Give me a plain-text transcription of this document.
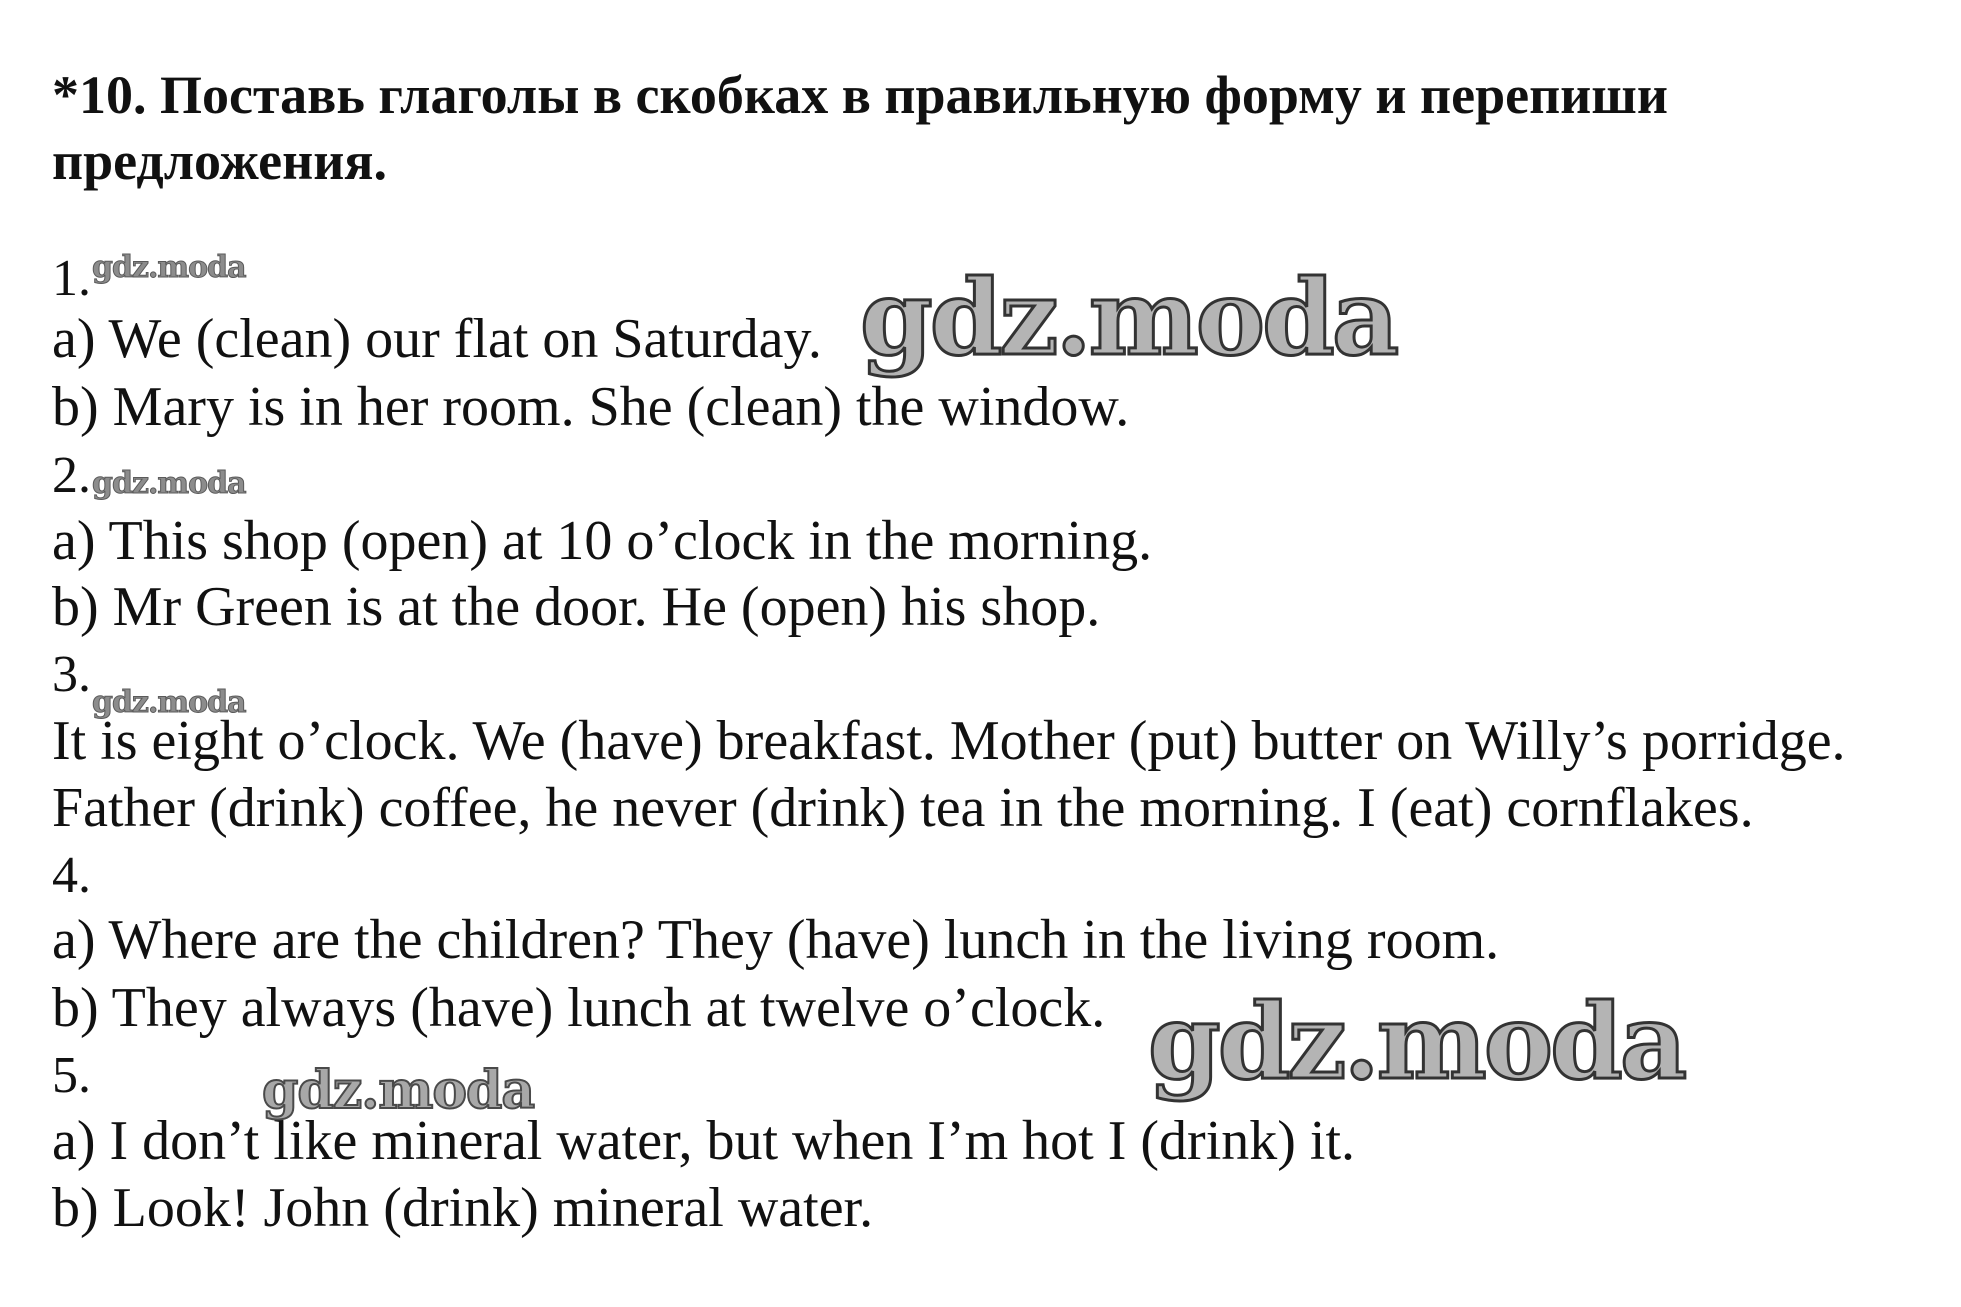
*10. Поставь глаголы в скобках в правильную форму и перепиши предложения.
1.
a) We (clean) our flat on Saturday.
b) Mary is in her room. She (clean) the window.
2.
a) This shop (open) at 10 o’clock in the morning.
b) Mr Green is at the door. He (open) his shop.
3.
It is eight o’clock. We (have) breakfast. Mother (put) butter on Willy’s porridge.
Father (drink) coffee, he never (drink) tea in the morning. I (eat) cornflakes.
4.
a) Where are the children? They (have) lunch in the living room.
b) They always (have) lunch at twelve o’clock.
5.
a) I don’t like mineral water, but when I’m hot I (drink) it.
b) Look! John (drink) mineral water.
gdz.moda
gdz.moda
gdz.moda
gdz.moda
gdz.moda
gdz.moda
